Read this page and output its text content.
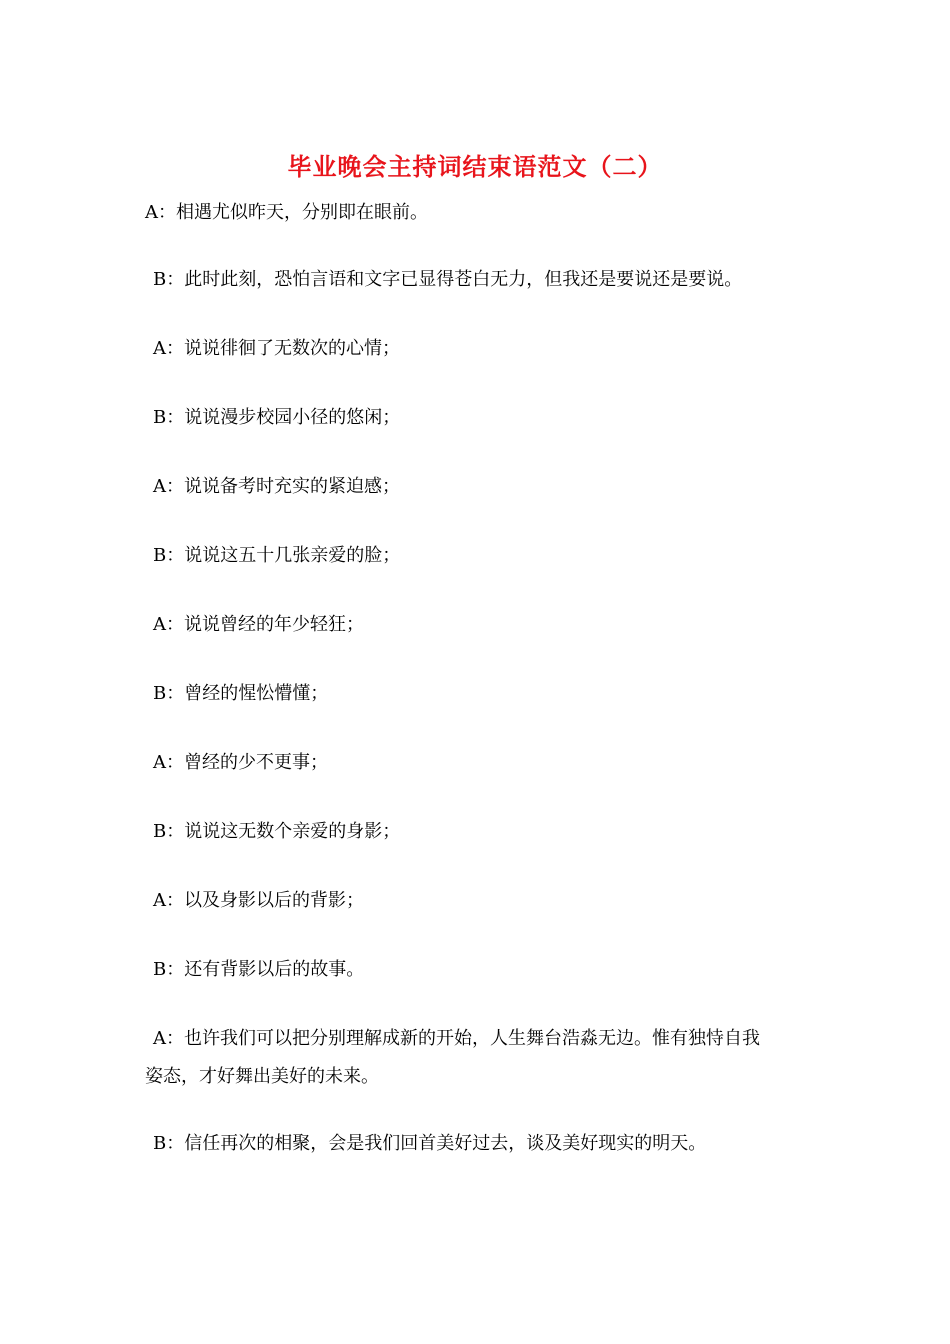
毕业晚会主持词结束语范文（二）
A：相遇尤似昨天，分别即在眼前。
B：此时此刻，恐怕言语和文字已显得苍白无力，但我还是要说还是要说。
A：说说徘徊了无数次的心情；
B：说说漫步校园小径的悠闲；
A：说说备考时充实的紧迫感；
B：说说这五十几张亲爱的脸；
A：说说曾经的年少轻狂；
B：曾经的惺忪懵懂；
A：曾经的少不更事；
B：说说这无数个亲爱的身影；
A：以及身影以后的背影；
B：还有背影以后的故事。
A：也许我们可以把分别理解成新的开始，人生舞台浩淼无边。惟有独恃自我
姿态，才好舞出美好的未来。
B：信任再次的相聚，会是我们回首美好过去，谈及美好现实的明天。
